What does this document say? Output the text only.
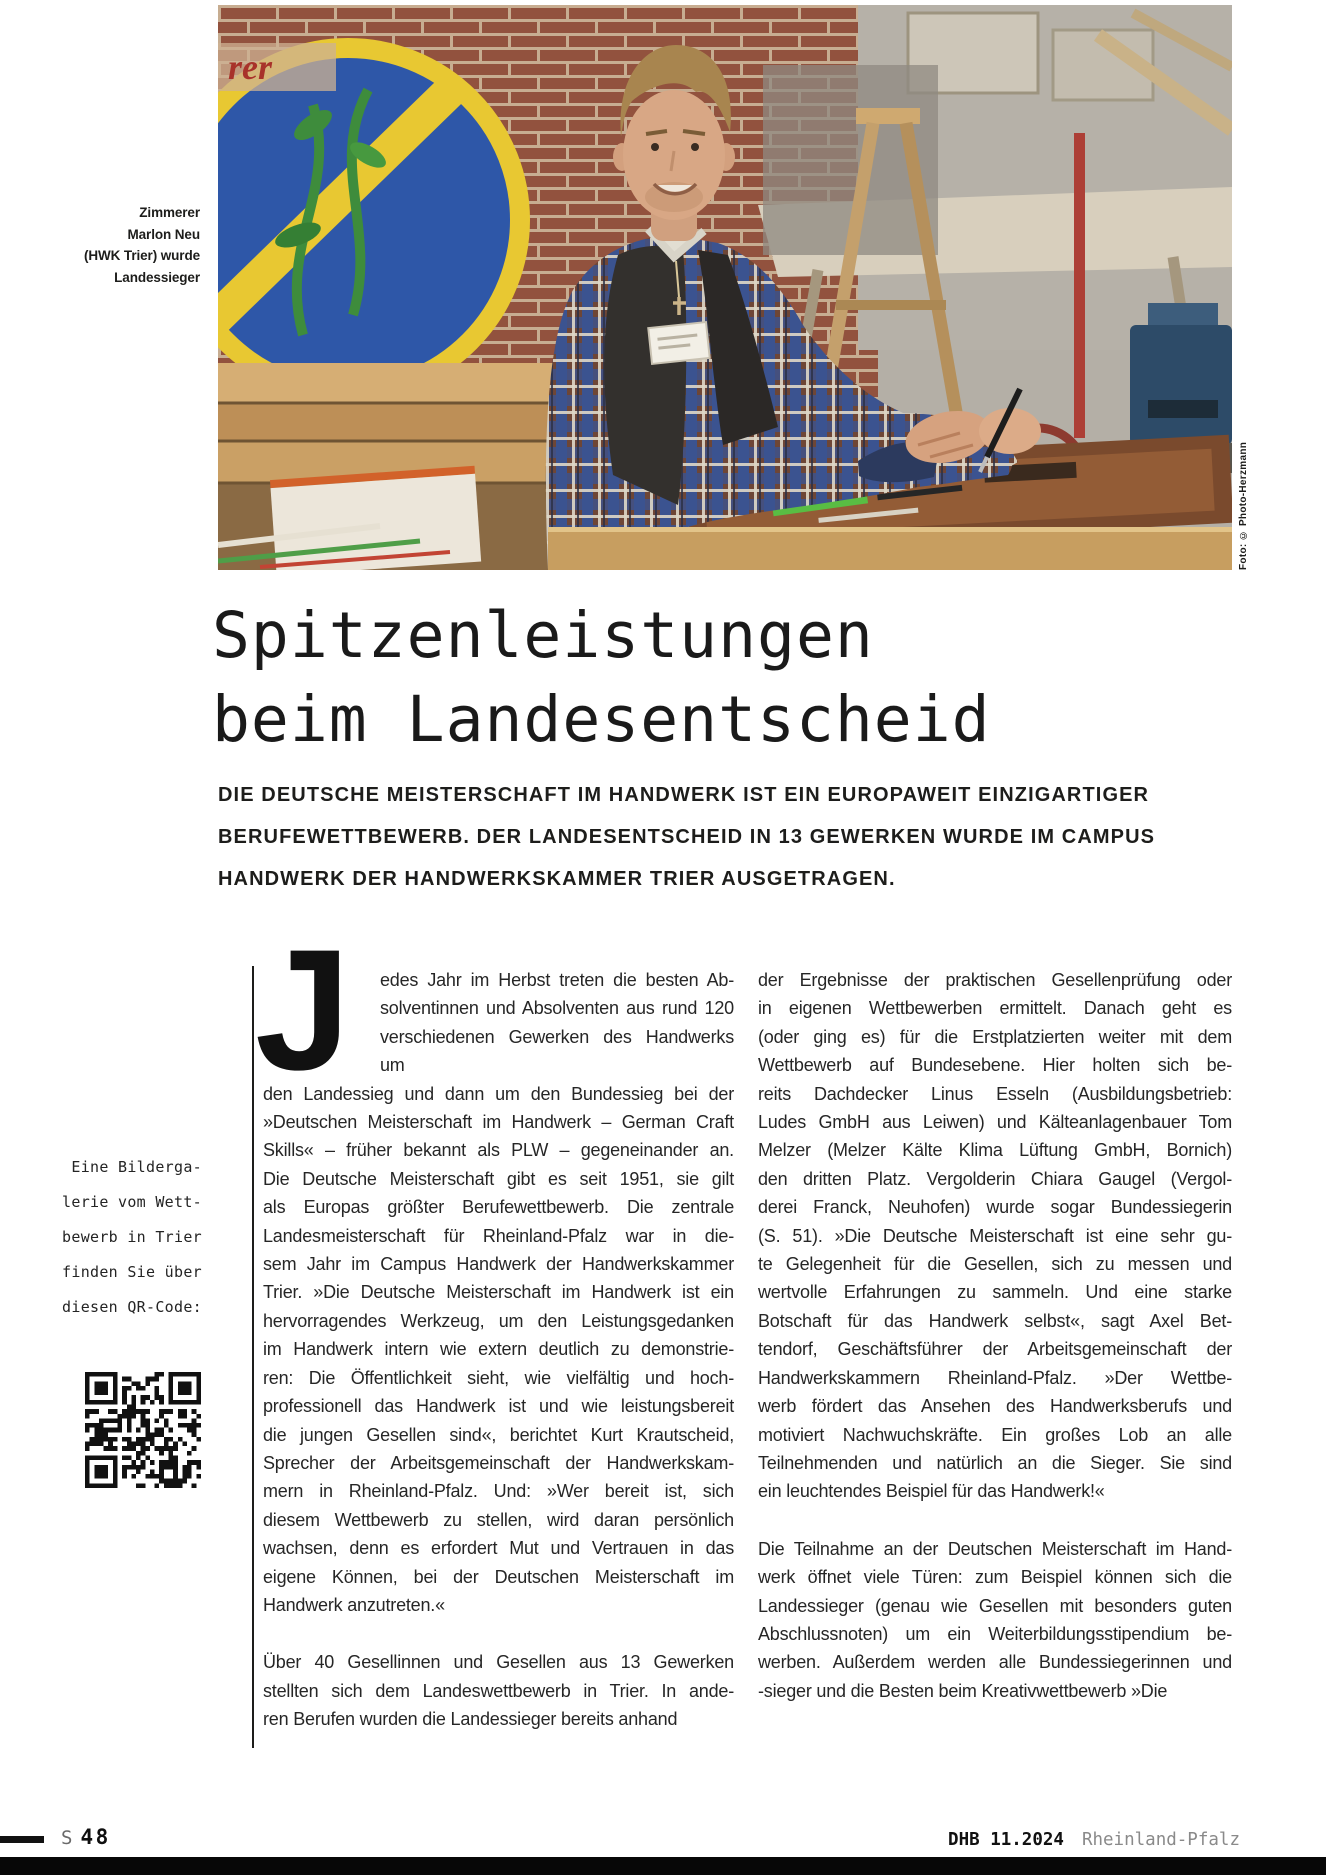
Zimmerer
Marlon Neu
(HWK Trier) wurde
Landessieger
rer
Foto: © Photo-Herzmann
Spitzenleistungen
beim Landesentscheid
DIE DEUTSCHE MEISTERSCHAFT IM HANDWERK IST EIN EUROPAWEIT EINZIGARTIGER
BERUFEWETTBEWERB. DER LANDESENTSCHEID IN 13 GEWERKEN WURDE IM CAMPUS
HANDWERK DER HANDWERKSKAMMER TRIER AUSGETRAGEN.
Eine Bilderga-
lerie vom Wett-
bewerb in Trier
finden Sie über
diesen QR-Code:
J	edes Jahr im Herbst treten die besten Ab-
solventinnen und Absolventen aus rund 120
verschiedenen Gewerken des Handwerks um
den Landessieg und dann um den Bundessieg bei der
»Deutschen Meisterschaft im Handwerk – German Craft
Skills« – früher bekannt als PLW – gegeneinander an.
Die Deutsche Meisterschaft gibt es seit 1951, sie gilt
als Europas größter Berufewettbewerb. Die zentrale
Landesmeisterschaft für Rheinland-Pfalz war in die-
sem Jahr im Campus Handwerk der Handwerkskammer
Trier. »Die Deutsche Meisterschaft im Handwerk ist ein
hervorragendes Werkzeug, um den Leistungsgedanken
im Handwerk intern wie extern deutlich zu demonstrie-
ren: Die Öffentlichkeit sieht, wie vielfältig und hoch-
professionell das Handwerk ist und wie leistungsbereit
die jungen Gesellen sind«, berichtet Kurt Krautscheid,
Sprecher der Arbeitsgemeinschaft der Handwerkskam-
mern in Rheinland-Pfalz. Und: »Wer bereit ist, sich
diesem Wettbewerb zu stellen, wird daran persönlich
wachsen, denn es erfordert Mut und Vertrauen in das
eigene Können, bei der Deutschen Meisterschaft im
Handwerk anzutreten.«
Über 40 Gesellinnen und Gesellen aus 13 Gewerken
stellten sich dem Landeswettbewerb in Trier. In ande-
ren Berufen wurden die Landessieger bereits anhand
der Ergebnisse der praktischen Gesellenprüfung oder
in eigenen Wettbewerben ermittelt. Danach geht es
(oder ging es) für die Erstplatzierten weiter mit dem
Wettbewerb auf Bundesebene. Hier holten sich be-
reits Dachdecker Linus Esseln (Ausbildungsbetrieb:
Ludes GmbH aus Leiwen) und Kälteanlagenbauer Tom
Melzer (Melzer Kälte Klima Lüftung GmbH, Bornich)
den dritten Platz. Vergolderin Chiara Gaugel (Vergol-
derei Franck, Neuhofen) wurde sogar Bundessiegerin
(S. 51). »Die Deutsche Meisterschaft ist eine sehr gu-
te Gelegenheit für die Gesellen, sich zu messen und
wertvolle Erfahrungen zu sammeln. Und eine starke
Botschaft für das Handwerk selbst«, sagt Axel Bet-
tendorf, Geschäftsführer der Arbeitsgemeinschaft der
Handwerkskammern Rheinland-Pfalz. »Der Wettbe-
werb fördert das Ansehen des Handwerksberufs und
motiviert Nachwuchskräfte. Ein großes Lob an alle
Teilnehmenden und natürlich an die Sieger. Sie sind
ein leuchtendes Beispiel für das Handwerk!«
Die Teilnahme an der Deutschen Meisterschaft im Hand-
werk öffnet viele Türen: zum Beispiel können sich die
Landessieger (genau wie Gesellen mit besonders guten
Abschlussnoten) um ein Weiterbildungsstipendium be-
werben. Außerdem werden alle Bundessiegerinnen und
-sieger und die Besten beim Kreativwettbewerb »Die
S 48	DHB 11.2024 Rheinland-Pfalz
